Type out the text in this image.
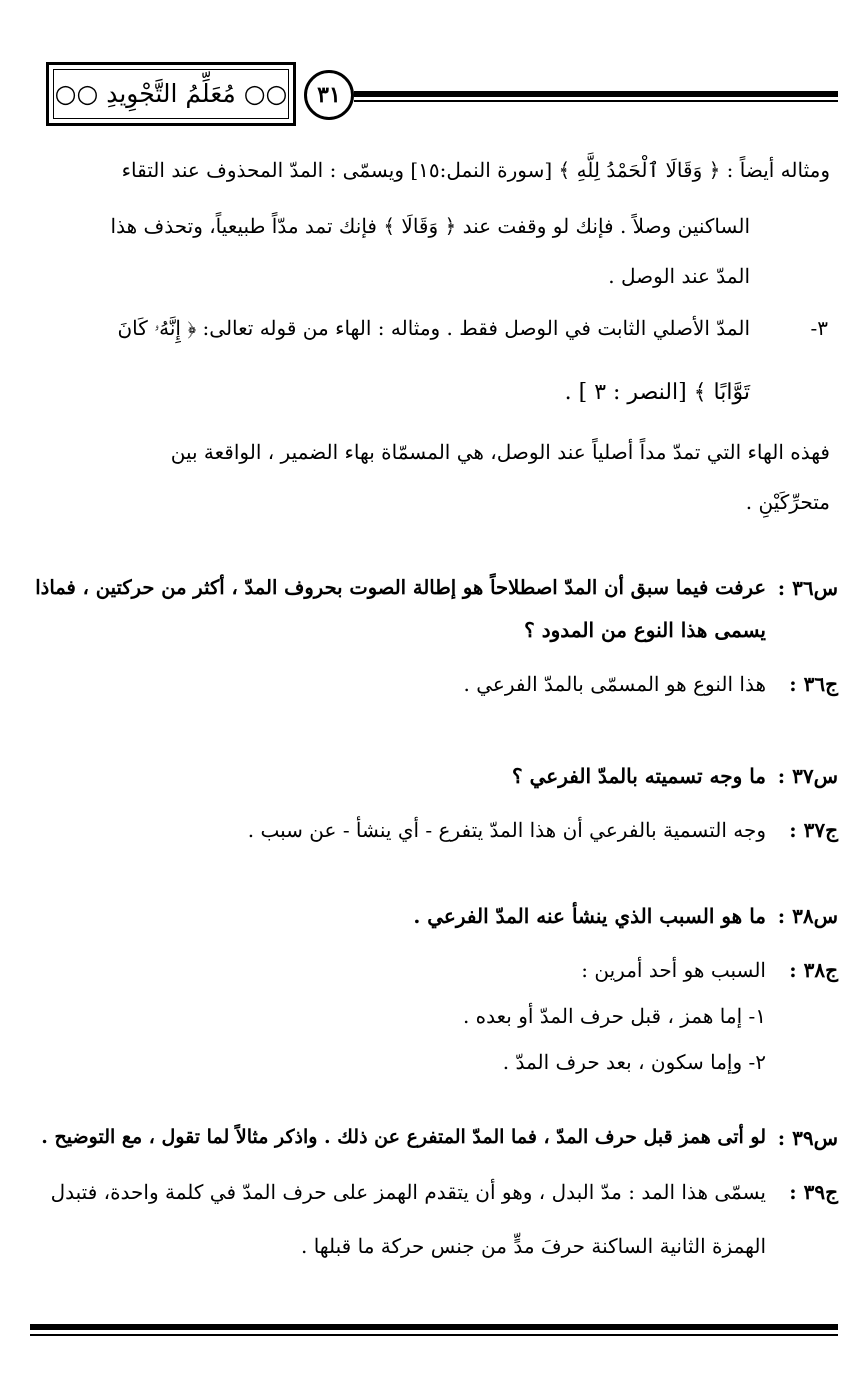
○○ مُعَلِّمُ التَّجْوِيدِ ○○	٣١
ومثاله أيضاً : ﴿ وَقَالَا ٱلْحَمْدُ لِلَّهِ ﴾ [سورة النمل:١٥] ويسمّى : المدّ المحذوف عند التقاء
الساكنين وصلاً . فإنك لو وقفت عند ﴿ وَقَالَا ﴾ فإنك تمد مدّاً طبيعياً، وتحذف هذا
المدّ عند الوصل .
٣-
المدّ الأصلي الثابت في الوصل فقط . ومثاله : الهاء من قوله تعالى: ﴿ إِنَّهُۥ كَانَ
تَوَّابًا ﴾ [النصر : ٣ ] .
فهذه الهاء التي تمدّ مداً أصلياً عند الوصل، هي المسمّاة بهاء الضمير ، الواقعة بين
متحرِّكَيْنِ .
س٣٦ :
عرفت فيما سبق أن المدّ اصطلاحاً هو إطالة الصوت بحروف المدّ ، أكثر من حركتين ، فماذا
يسمى هذا النوع من المدود ؟
ج٣٦ :
هذا النوع هو المسمّى بالمدّ الفرعي .
س٣٧ :
ما وجه تسميته بالمدّ الفرعي ؟
ج٣٧ :
وجه التسمية بالفرعي أن هذا المدّ يتفرع - أي ينشأ - عن سبب .
س٣٨ :
ما هو السبب الذي ينشأ عنه المدّ الفرعي .
ج٣٨ :
السبب هو أحد أمرين :
١- إما همز ، قبل حرف المدّ أو بعده .
٢- وإما سكون ، بعد حرف المدّ .
س٣٩ :
لو أتى همز قبل حرف المدّ ، فما المدّ المتفرع عن ذلك . واذكر مثالاً لما تقول ، مع التوضيح .
ج٣٩ :
يسمّى هذا المد : مدّ البدل ، وهو أن يتقدم الهمز على حرف المدّ في كلمة واحدة، فتبدل
الهمزة الثانية الساكنة حرفَ مدٍّ من جنس حركة ما قبلها .
